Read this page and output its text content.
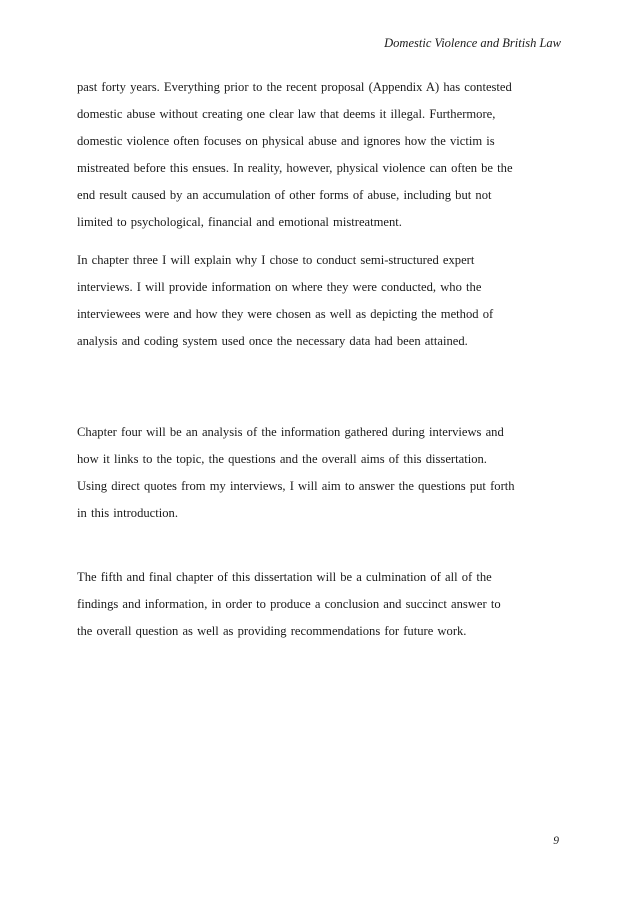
Domestic Violence and British Law
past forty years. Everything prior to the recent proposal (Appendix A) has contested
domestic abuse without creating one clear law that deems it illegal. Furthermore,
domestic violence often focuses on physical abuse and ignores how the victim is
mistreated before this ensues. In reality, however, physical violence can often be the
end result caused by an accumulation of other forms of abuse, including but not
limited to psychological, financial and emotional mistreatment.
In chapter three I will explain why I chose to conduct semi-structured expert
interviews. I will provide information on where they were conducted, who the
interviewees were and how they were chosen as well as depicting the method of
analysis and coding system used once the necessary data had been attained.
Chapter four will be an analysis of the information gathered during interviews and
how it links to the topic, the questions and the overall aims of this dissertation.
Using direct quotes from my interviews, I will aim to answer the questions put forth
in this introduction.
The fifth and final chapter of this dissertation will be a culmination of all of the
findings and information, in order to produce a conclusion and succinct answer to
the overall question as well as providing recommendations for future work.
9
